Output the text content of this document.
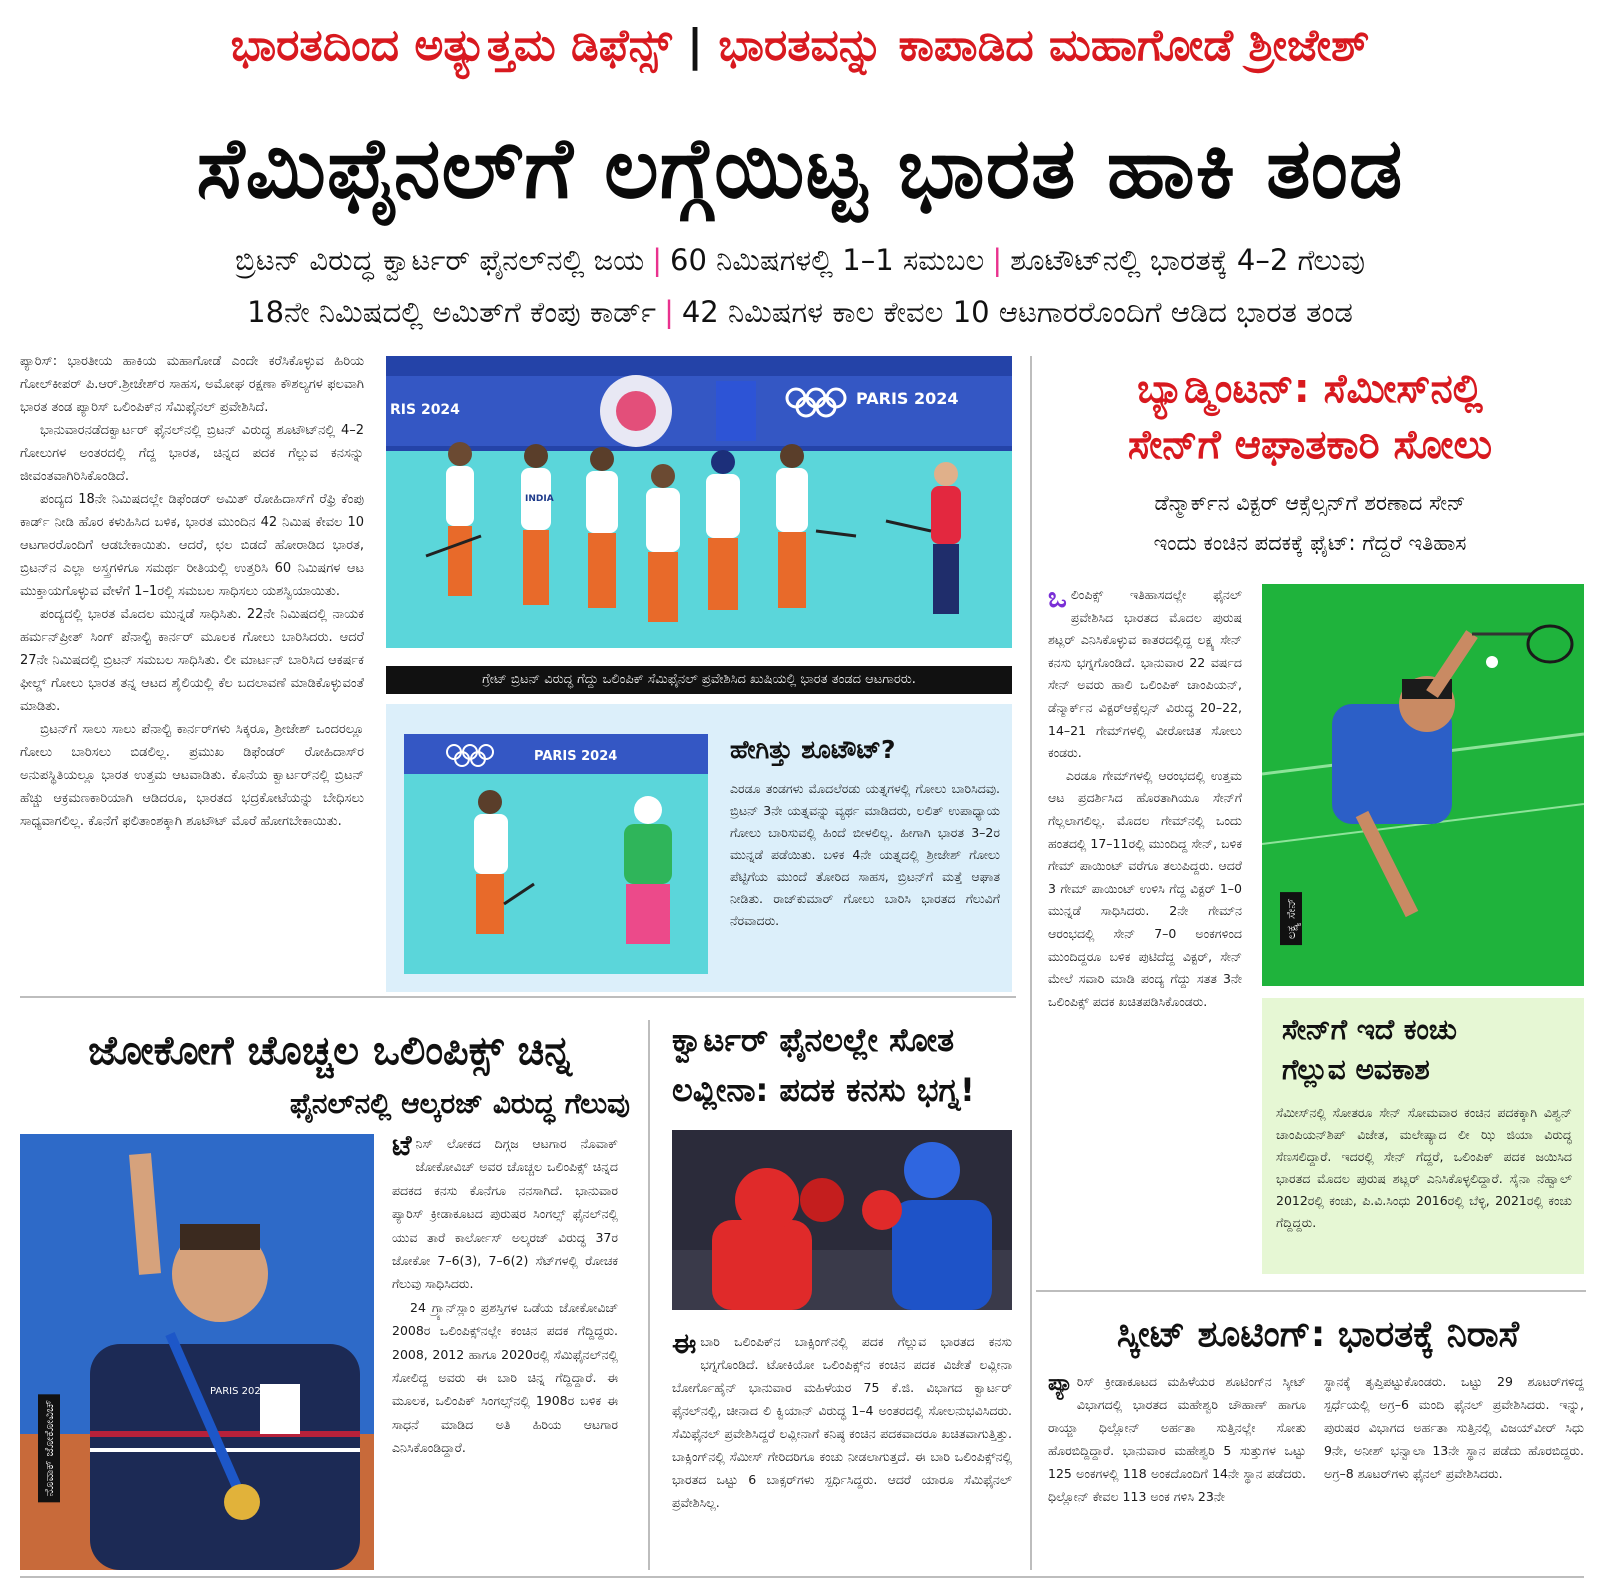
ಭಾರತದಿಂದ ಅತ್ಯುತ್ತಮ ಡಿಫೆನ್ಸ್ | ಭಾರತವನ್ನು ಕಾಪಾಡಿದ ಮಹಾಗೋಡೆ ಶ್ರೀಜೇಶ್
ಸೆಮಿಫೈನಲ್‌ಗೆ ಲಗ್ಗೆಯಿಟ್ಟ ಭಾರತ ಹಾಕಿ ತಂಡ
ಬ್ರಿಟನ್ ವಿರುದ್ಧ ಕ್ವಾರ್ಟರ್ ಫೈನಲ್‌ನಲ್ಲಿ ಜಯ | 60 ನಿಮಿಷಗಳಲ್ಲಿ 1–1 ಸಮಬಲ | ಶೂಟೌಟ್‌ನಲ್ಲಿ ಭಾರತಕ್ಕೆ 4–2 ಗೆಲುವು
18ನೇ ನಿಮಿಷದಲ್ಲಿ ಅಮಿತ್‌ಗೆ ಕೆಂಪು ಕಾರ್ಡ್ | 42 ನಿಮಿಷಗಳ ಕಾಲ ಕೇವಲ 10 ಆಟಗಾರರೊಂದಿಗೆ ಆಡಿದ ಭಾರತ ತಂಡ

ಪ್ಯಾರಿಸ್: ಭಾರತೀಯ ಹಾಕಿಯ ಮಹಾಗೋಡೆ ಎಂದೇ ಕರೆಸಿಕೊಳ್ಳುವ ಹಿರಿಯ ಗೋಲ್‌ಕೀಪರ್ ಪಿ.ಆರ್.ಶ್ರೀಜೇಶ್‌ರ ಸಾಹಸ, ಅಮೋಘ ರಕ್ಷಣಾ ಕೌಶಲ್ಯಗಳ ಫಲವಾಗಿ ಭಾರತ ತಂಡ ಪ್ಯಾರಿಸ್ ಒಲಿಂಪಿಕ್‌ನ ಸೆಮಿಫೈನಲ್ ಪ್ರವೇಶಿಸಿದೆ.

ಭಾನುವಾರನಡೆದಕ್ವಾರ್ಟರ್ ಫೈನಲ್‌ನಲ್ಲಿ ಬ್ರಿಟನ್ ವಿರುದ್ಧ ಶೂಟೌಟ್‌ನಲ್ಲಿ 4–2 ಗೋಲುಗಳ ಅಂತರದಲ್ಲಿ ಗೆದ್ದ ಭಾರತ, ಚಿನ್ನದ ಪದಕ ಗೆಲ್ಲುವ ಕನಸನ್ನು ಜೀವಂತವಾಗಿರಿಸಿಕೊಂಡಿದೆ.

ಪಂದ್ಯದ 18ನೇ ನಿಮಿಷದಲ್ಲೇ ಡಿಫೆಂಡರ್ ಅಮಿತ್ ರೋಹಿದಾಸ್‌ಗೆ ರೆಫ್ರಿ ಕೆಂಪು ಕಾರ್ಡ್ ನೀಡಿ ಹೊರ ಕಳುಹಿಸಿದ ಬಳಿಕ, ಭಾರತ ಮುಂದಿನ 42 ನಿಮಿಷ ಕೇವಲ 10 ಆಟಗಾರರೊಂದಿಗೆ ಆಡಬೇಕಾಯಿತು. ಆದರೆ, ಛಲ ಬಿಡದೆ ಹೋರಾಡಿದ ಭಾರತ, ಬ್ರಿಟನ್‌ನ ಎಲ್ಲಾ ಅಸ್ತ್ರಗಳಿಗೂ ಸಮರ್ಥ ರೀತಿಯಲ್ಲಿ ಉತ್ತರಿಸಿ 60 ನಿಮಿಷಗಳ ಆಟ ಮುಕ್ತಾಯಗೊಳ್ಳುವ ವೇಳೆಗೆ 1–1ರಲ್ಲಿ ಸಮಬಲ ಸಾಧಿಸಲು ಯಶಸ್ವಿಯಾಯಿತು.

ಪಂದ್ಯದಲ್ಲಿ ಭಾರತ ಮೊದಲ ಮುನ್ನಡೆ ಸಾಧಿಸಿತು. 22ನೇ ನಿಮಿಷದಲ್ಲಿ ನಾಯಕ ಹರ್ಮನ್‌ಪ್ರೀತ್ ಸಿಂಗ್ ಪೆನಾಲ್ಟಿ ಕಾರ್ನರ್ ಮೂಲಕ ಗೋಲು ಬಾರಿಸಿದರು. ಆದರೆ 27ನೇ ನಿಮಿಷದಲ್ಲಿ ಬ್ರಿಟನ್ ಸಮಬಲ ಸಾಧಿಸಿತು. ಲೀ ಮಾರ್ಟನ್ ಬಾರಿಸಿದ ಆಕರ್ಷಕ ಫೀಲ್ಡ್ ಗೋಲು ಭಾರತ ತನ್ನ ಆಟದ ಶೈಲಿಯಲ್ಲಿ ಕೆಲ ಬದಲಾವಣೆ ಮಾಡಿಕೊಳ್ಳುವಂತೆ ಮಾಡಿತು.

ಬ್ರಿಟನ್‌ಗೆ ಸಾಲು ಸಾಲು ಪೆನಾಲ್ಟಿ ಕಾರ್ನರ್‌ಗಳು ಸಿಕ್ಕರೂ, ಶ್ರೀಜೇಶ್ ಒಂದರಲ್ಲೂ ಗೋಲು ಬಾರಿಸಲು ಬಿಡಲಿಲ್ಲ. ಪ್ರಮುಖ ಡಿಫೆಂಡರ್ ರೋಹಿದಾಸ್‌ರ ಅನುಪಸ್ಥಿತಿಯಲ್ಲೂ ಭಾರತ ಉತ್ತಮ ಆಟವಾಡಿತು. ಕೊನೆಯ ಕ್ವಾರ್ಟರ್‌ನಲ್ಲಿ ಬ್ರಿಟನ್ ಹೆಚ್ಚು ಆಕ್ರಮಣಕಾರಿಯಾಗಿ ಆಡಿದರೂ, ಭಾರತದ ಭದ್ರಕೋಟೆಯನ್ನು ಬೇಧಿಸಲು ಸಾಧ್ಯವಾಗಲಿಲ್ಲ. ಕೊನೆಗೆ ಫಲಿತಾಂಶಕ್ಕಾಗಿ ಶೂಟೌಟ್ ಮೊರೆ ಹೋಗಬೇಕಾಯಿತು.

PARIS 2024
RIS 2024
INDIA
ಗ್ರೇಟ್ ಬ್ರಿಟನ್ ವಿರುದ್ಧ ಗೆದ್ದು ಒಲಿಂಪಿಕ್ ಸೆಮಿಫೈನಲ್ ಪ್ರವೇಶಿಸಿದ ಖುಷಿಯಲ್ಲಿ ಭಾರತ ತಂಡದ ಆಟಗಾರರು.
PARIS 2024	ಹೇಗಿತ್ತು ಶೂಟೌಟ್?
ಎರಡೂ ತಂಡಗಳು ಮೊದಲೆರಡು ಯತ್ನಗಳಲ್ಲಿ ಗೋಲು ಬಾರಿಸಿದವು. ಬ್ರಿಟನ್ 3ನೇ ಯತ್ನವನ್ನು ವ್ಯರ್ಥ ಮಾಡಿದರು, ಲಲಿತ್ ಉಪಾಧ್ಯಾಯ ಗೋಲು ಬಾರಿಸುವಲ್ಲಿ ಹಿಂದೆ ಬೀಳಲಿಲ್ಲ. ಹೀಗಾಗಿ ಭಾರತ 3–2ರ ಮುನ್ನಡೆ ಪಡೆಯಿತು. ಬಳಿಕ 4ನೇ ಯತ್ನದಲ್ಲಿ ಶ್ರೀಜೇಶ್ ಗೋಲು ಪೆಟ್ಟಿಗೆಯ ಮುಂದೆ ತೋರಿದ ಸಾಹಸ, ಬ್ರಿಟನ್‌ಗೆ ಮತ್ತೆ ಆಘಾತ ನೀಡಿತು. ರಾಜ್‌ಕುಮಾರ್ ಗೋಲು ಬಾರಿಸಿ ಭಾರತದ ಗೆಲುವಿಗೆ ನೆರವಾದರು.
ಬ್ಯಾಡ್ಮಿಂಟನ್: ಸೆಮೀಸ್‌ನಲ್ಲಿ
ಸೇನ್‌ಗೆ ಆಘಾತಕಾರಿ ಸೋಲು
ಡೆನ್ಮಾರ್ಕ್‌ನ ವಿಕ್ಟರ್ ಆಕ್ಸೆಲ್ಸನ್‌ಗೆ ಶರಣಾದ ಸೇನ್
ಇಂದು ಕಂಚಿನ ಪದಕಕ್ಕೆ ಫೈಟ್: ಗೆದ್ದರೆ ಇತಿಹಾಸ
ಒ ಲಿಂಪಿಕ್ಸ್ ಇತಿಹಾಸದಲ್ಲೇ ಫೈನಲ್ ಪ್ರವೇಶಿಸಿದ ಭಾರತದ ಮೊದಲ ಪುರುಷ ಶಟ್ಲರ್ ಎನಿಸಿಕೊಳ್ಳುವ ಕಾತರದಲ್ಲಿದ್ದ ಲಕ್ಷ್ಯ ಸೇನ್ ಕನಸು ಭಗ್ನಗೊಂಡಿದೆ. ಭಾನುವಾರ 22 ವರ್ಷದ ಸೇನ್ ಅವರು ಹಾಲಿ ಒಲಿಂಪಿಕ್ ಚಾಂಪಿಯನ್, ಡೆನ್ಮಾರ್ಕ್‌ನ ವಿಕ್ಟರ್‌ಆಕ್ಸೆಲ್ಸನ್ ವಿರುದ್ಧ 20–22, 14–21 ಗೇಮ್‌ಗಳಲ್ಲಿ ವೀರೋಚಿತ ಸೋಲು ಕಂಡರು.

ಎರಡೂ ಗೇಮ್‌ಗಳಲ್ಲಿ ಆರಂಭದಲ್ಲಿ ಉತ್ತಮ ಆಟ ಪ್ರದರ್ಶಿಸಿದ ಹೊರತಾಗಿಯೂ ಸೇನ್‌ಗೆ ಗೆಲ್ಲಲಾಗಲಿಲ್ಲ. ಮೊದಲ ಗೇಮ್‌ನಲ್ಲಿ ಒಂದು ಹಂತದಲ್ಲಿ 17–11ರಲ್ಲಿ ಮುಂದಿದ್ದ ಸೇನ್, ಬಳಿಕ ಗೇಮ್ ಪಾಯಿಂಟ್ ವರೆಗೂ ತಲುಪಿದ್ದರು. ಆದರೆ 3 ಗೇಮ್ ಪಾಯಿಂಟ್ ಉಳಿಸಿ ಗೆದ್ದ ವಿಕ್ಟರ್ 1–0 ಮುನ್ನಡೆ ಸಾಧಿಸಿದರು. 2ನೇ ಗೇಮ್‌ನ ಆರಂಭದಲ್ಲಿ ಸೇನ್ 7–0 ಅಂಕಗಳಿಂದ ಮುಂದಿದ್ದರೂ ಬಳಿಕ ಪುಟಿದೆದ್ದ ವಿಕ್ಟರ್, ಸೇನ್ ಮೇಲೆ ಸವಾರಿ ಮಾಡಿ ಪಂದ್ಯ ಗೆದ್ದು ಸತತ 3ನೇ ಒಲಿಂಪಿಕ್ಸ್ ಪದಕ ಖಚಿತಪಡಿಸಿಕೊಂಡರು.

ಲಕ್ಷ್ಯ ಸೇನ್
ಸೇನ್‌ಗೆ ಇದೆ ಕಂಚು
ಗೆಲ್ಲುವ ಅವಕಾಶ
ಸೆಮೀಸ್‌ನಲ್ಲಿ ಸೋತರೂ ಸೇನ್ ಸೋಮವಾರ ಕಂಚಿನ ಪದಕಕ್ಕಾಗಿ ವಿಶ್ವನ್ ಚಾಂಪಿಯನ್‌ಶಿಪ್ ವಿಜೇತ, ಮಲೇಷ್ಯಾದ ಲೀ ಝಿ ಜಿಯಾ ವಿರುದ್ಧ ಸೆಣಸಲಿದ್ದಾರೆ. ಇದರಲ್ಲಿ ಸೇನ್ ಗೆದ್ದರೆ, ಒಲಿಂಪಿಕ್ ಪದಕ ಜಯಿಸಿದ ಭಾರತದ ಮೊದಲ ಪುರುಷ ಶಟ್ಲರ್ ಎನಿಸಿಕೊಳ್ಳಲಿದ್ದಾರೆ. ಸೈನಾ ನೆಹ್ವಾಲ್ 2012ರಲ್ಲಿ ಕಂಚು, ಪಿ.ವಿ.ಸಿಂಧು 2016ರಲ್ಲಿ ಬೆಳ್ಳಿ, 2021ರಲ್ಲಿ ಕಂಚು ಗೆದ್ದಿದ್ದರು.
ಜೋಕೋಗೆ ಚೊಚ್ಚಲ ಒಲಿಂಪಿಕ್ಸ್ ಚಿನ್ನ
ಫೈನಲ್‌ನಲ್ಲಿ ಆಲ್ಕರಜ್ ವಿರುದ್ಧ ಗೆಲುವು
PARIS 2024
ನೊವಾಕ್ ಜೋಕೋವಿಚ್
ಟೆ ನಿಸ್ ಲೋಕದ ದಿಗ್ಗಜ ಆಟಗಾರ ನೊವಾಕ್ ಜೋಕೋವಿಚ್ ಅವರ ಚೊಚ್ಚಲ ಒಲಿಂಪಿಕ್ಸ್ ಚಿನ್ನದ ಪದಕದ ಕನಸು ಕೊನೆಗೂ ನನಸಾಗಿದೆ. ಭಾನುವಾರ ಪ್ಯಾರಿಸ್ ಕ್ರೀಡಾಕೂಟದ ಪುರುಷರ ಸಿಂಗಲ್ಸ್ ಫೈನಲ್‌ನಲ್ಲಿ ಯುವ ತಾರೆ ಕಾರ್ಲೋಸ್ ಅಲ್ಕರಜ್ ವಿರುದ್ಧ 37ರ ಜೋಕೋ 7–6(3), 7–6(2) ಸೆಟ್‌ಗಳಲ್ಲಿ ರೋಚಕ ಗೆಲುವು ಸಾಧಿಸಿದರು.

24 ಗ್ರ್ಯಾನ್‌ಸ್ಲಾಂ ಪ್ರಶಸ್ತಿಗಳ ಒಡೆಯ ಜೋಕೋವಿಚ್ 2008ರ ಒಲಿಂಪಿಕ್ಸ್‌ನಲ್ಲೇ ಕಂಚಿನ ಪದಕ ಗೆದ್ದಿದ್ದರು. 2008, 2012 ಹಾಗೂ 2020ರಲ್ಲಿ ಸೆಮಿಫೈನಲ್‌ನಲ್ಲಿ ಸೋಲಿದ್ದ ಅವರು ಈ ಬಾರಿ ಚಿನ್ನ ಗೆದ್ದಿದ್ದಾರೆ. ಈ ಮೂಲಕ, ಒಲಿಂಪಿಕ್ ಸಿಂಗಲ್ಸ್‌ನಲ್ಲಿ 1908ರ ಬಳಿಕ ಈ ಸಾಧನೆ ಮಾಡಿದ ಅತಿ ಹಿರಿಯ ಆಟಗಾರ ಎನಿಸಿಕೊಂಡಿದ್ದಾರೆ.

ಕ್ವಾರ್ಟರ್ ಫೈನಲಲ್ಲೇ ಸೋತ
ಲವ್ಲೀನಾ: ಪದಕ ಕನಸು ಭಗ್ನ!
ಈ ಬಾರಿ ಒಲಿಂಪಿಕ್‌ನ ಬಾಕ್ಸಿಂಗ್‌ನಲ್ಲಿ ಪದಕ ಗೆಲ್ಲುವ ಭಾರತದ ಕನಸು ಭಗ್ನಗೊಂಡಿದೆ. ಟೋಕಿಯೋ ಒಲಿಂಪಿಕ್ಸ್‌ನ ಕಂಚಿನ ಪದಕ ವಿಜೇತೆ ಲವ್ಲೀನಾ ಬೋರ್ಗೊಹೈನ್ ಭಾನುವಾರ ಮಹಿಳೆಯರ 75 ಕೆ.ಜಿ. ವಿಭಾಗದ ಕ್ವಾರ್ಟರ್ ಫೈನಲ್‌ನಲ್ಲಿ, ಚೀನಾದ ಲಿ ಕ್ವಿಯಾನ್ ವಿರುದ್ಧ 1–4 ಅಂತರದಲ್ಲಿ ಸೋಲನುಭವಿಸಿದರು. ಸೆಮಿಫೈನಲ್ ಪ್ರವೇಶಿಸಿದ್ದರೆ ಲವ್ಲೀನಾಗೆ ಕನಿಷ್ಠ ಕಂಚಿನ ಪದಕವಾದರೂ ಖಚಿತವಾಗುತ್ತಿತ್ತು. ಬಾಕ್ಸಿಂಗ್‌ನಲ್ಲಿ ಸೆಮೀಸ್ ಗೇರಿದರಿಗೂ ಕಂಚು ನೀಡಲಾಗುತ್ತದೆ. ಈ ಬಾರಿ ಒಲಿಂಪಿಕ್ಸ್‌ನಲ್ಲಿ ಭಾರತದ ಒಟ್ಟು 6 ಬಾಕ್ಸರ್‌ಗಳು ಸ್ಪರ್ಧಿಸಿದ್ದರು. ಆದರೆ ಯಾರೂ ಸೆಮಿಫೈನಲ್ ಪ್ರವೇಶಿಸಿಲ್ಲ.
ಸ್ಕೀಟ್ ಶೂಟಿಂಗ್: ಭಾರತಕ್ಕೆ ನಿರಾಸೆ
ಪ್ಯಾ ರಿಸ್ ಕ್ರೀಡಾಕೂಟದ ಮಹಿಳೆಯರ ಶೂಟಿಂಗ್‌ನ ಸ್ಕೀಟ್ ವಿಭಾಗದಲ್ಲಿ ಭಾರತದ ಮಹೇಶ್ವರಿ ಚೌಹಾಣ್ ಹಾಗೂ ರಾಯ್ಜಾ ಧಿಲ್ಲೋನ್ ಅರ್ಹತಾ ಸುತ್ತಿನಲ್ಲೇ ಸೋತು ಹೊರಬಿದ್ದಿದ್ದಾರೆ. ಭಾನುವಾರ ಮಹೇಶ್ವರಿ 5 ಸುತ್ತುಗಳ ಒಟ್ಟು 125 ಅಂಕಗಳಲ್ಲಿ 118 ಅಂಕದೊಂದಿಗೆ 14ನೇ ಸ್ಥಾನ ಪಡೆದರು. ಧಿಲ್ಲೋನ್ ಕೇವಲ 113 ಅಂಕ ಗಳಿಸಿ 23ನೇ
ಸ್ಥಾನಕ್ಕೆ ತೃಪ್ತಿಪಟ್ಟುಕೊಂಡರು. ಒಟ್ಟು 29 ಶೂಟರ್‌ಗಳಿದ್ದ ಸ್ಪರ್ಧೆಯಲ್ಲಿ ಅಗ್ರ–6 ಮಂದಿ ಫೈನಲ್ ಪ್ರವೇಶಿಸಿದರು. ಇನ್ನು, ಪುರುಷರ ವಿಭಾಗದ ಅರ್ಹತಾ ಸುತ್ತಿನಲ್ಲಿ ವಿಜಯ್‌ವೀರ್ ಸಿಧು 9ನೇ, ಅನೀಶ್ ಭನ್ವಾಲಾ 13ನೇ ಸ್ಥಾನ ಪಡೆದು ಹೊರಬಿದ್ದರು. ಅಗ್ರ–8 ಶೂಟರ್‌ಗಳು ಫೈನಲ್ ಪ್ರವೇಶಿಸಿದರು.
